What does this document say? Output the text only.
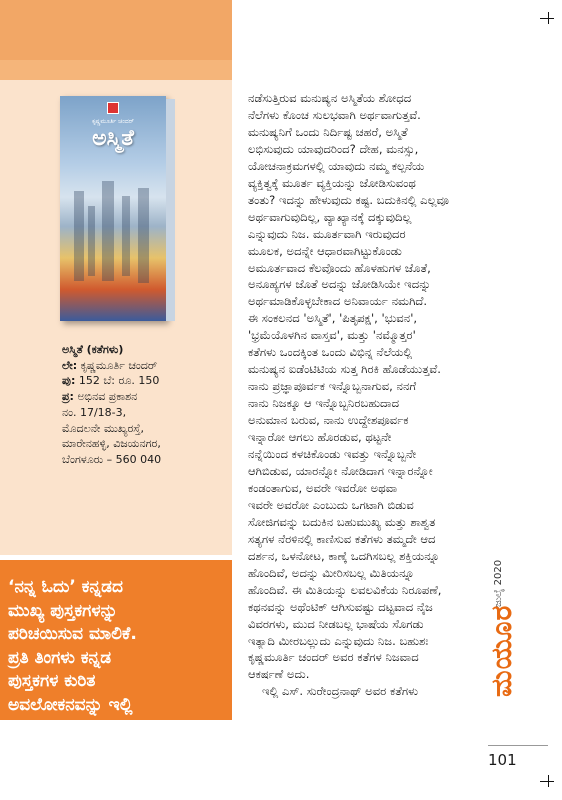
ಕೃಷ್ಣಮೂರ್ತಿ ಚಂದರ್
ಅಸ್ಮಿತೆ
ಅಸ್ಮಿತೆ (ಕತೆಗಳು)
ಲೇ: ಕೃಷ್ಣಮೂರ್ತಿ ಚಂದರ್
ಪು: 152 ಬೆ: ರೂ. 150
ಪ್ರ: ಅಭಿನವ ಪ್ರಕಾಶನ
ನಂ. 17/18-3,
ಮೊದಲನೇ ಮುಖ್ಯರಸ್ತೆ,
ಮಾರೇನಹಳ್ಳಿ, ವಿಜಯನಗರ,
ಬೆಂಗಳೂರು – 560 040
‘ನನ್ನ ಓದು’ ಕನ್ನಡದ
ಮುಖ್ಯ ಪುಸ್ತಕಗಳನ್ನು
ಪರಿಚಯಿಸುವ ಮಾಲಿಕೆ.
ಪ್ರತಿ ತಿಂಗಳು ಕನ್ನಡ
ಪುಸ್ತಕಗಳ ಕುರಿತ
ಅವಲೋಕನವನ್ನು ಇಲ್ಲಿ
ಕೊಡಲಾಗುತ್ತದೆ.
ನಡೆಸುತ್ತಿರುವ ಮನುಷ್ಯನ ಅಸ್ಮಿತೆಯ ಶೋಧದ
ನೆಲೆಗಳು ಕೊಂಚ ಸುಲಭವಾಗಿ ಅರ್ಥವಾಗುತ್ತವೆ.
ಮನುಷ್ಯನಿಗೆ ಒಂದು ನಿರ್ದಿಷ್ಟ ಚಹರೆ, ಅಸ್ಮಿತೆ
ಲಭಿಸುವುದು ಯಾವುದರಿಂದ? ದೇಹ, ಮನಸ್ಸು,
ಯೋಚನಾಕ್ರಮಗಳಲ್ಲಿ ಯಾವುದು ನಮ್ಮ ಕಲ್ಪನೆಯ
ವ್ಯಕ್ತಿತ್ವಕ್ಕೆ ಮೂರ್ತ ವ್ಯಕ್ತಿಯನ್ನು ಜೋಡಿಸುವಂಥ
ತಂತು? ಇದನ್ನು ಹೇಳುವುದು ಕಷ್ಟ. ಬದುಕಿನಲ್ಲಿ ಎಲ್ಲವೂ
ಅರ್ಥವಾಗುವುದಿಲ್ಲ, ವ್ಯಾಖ್ಯಾನಕ್ಕೆ ದಕ್ಕುವುದಿಲ್ಲ
ಎನ್ನುವುದು ನಿಜ. ಮೂರ್ತವಾಗಿ ಇರುವುದರ
ಮೂಲಕ, ಅದನ್ನೇ ಆಧಾರವಾಗಿಟ್ಟುಕೊಂಡು
ಅಮೂರ್ತವಾದ ಕೆಲವೊಂದು ಹೊಳಹುಗಳ ಜೊತೆ,
ಅನೂಹ್ಯಗಳ ಜೊತೆ ಅದನ್ನು ಜೋಡಿಸಿಯೇ ಇದನ್ನು
ಅರ್ಥಮಾಡಿಕೊಳ್ಳಬೇಕಾದ ಅನಿವಾರ್ಯ ನಮಗಿದೆ.
ಈ ಸಂಕಲನದ 'ಅಸ್ಮಿತೆ', 'ಪಿತೃಪಕ್ಷ', 'ಭುವನ',
'ಭ್ರಮೆಯೊಳಗಿನ ವಾಸ್ತವ', ಮತ್ತು 'ನಮ್ಮೊತ್ತರ'
ಕತೆಗಳು ಒಂದಕ್ಕಿಂತ ಒಂದು ವಿಭಿನ್ನ ನೆಲೆಯಲ್ಲಿ
ಮನುಷ್ಯನ ಐಡೆಂಟಿಟಿಯ ಸುತ್ತ ಗಿರಕಿ ಹೊಡೆಯುತ್ತವೆ.
ನಾನು ಪ್ರಜ್ಞಾಪೂರ್ವಕ ಇನ್ನೊಬ್ಬನಾಗುವ, ನನಗೆ
ನಾನು ನಿಜಕ್ಕೂ ಆ ಇನ್ನೊಬ್ಬನಿರಬಹುದಾದ
ಅನುಮಾನ ಬರುವ, ನಾನು ಉದ್ದೇಶಪೂರ್ವಕ
ಇನ್ನಾರೋ ಆಗಲು ಹೊರಡುವ, ಥಟ್ಟನೇ
ನನ್ನೆಯಿಂದ ಕಳಚಿಕೊಂಡು ಇವತ್ತು ಇನ್ನೊಬ್ಬನೇ
ಆಗಿಬಿಡುವ, ಯಾರನ್ನೋ ನೋಡಿದಾಗ ಇನ್ನಾರನ್ನೋ
ಕಂಡಂತಾಗುವ, ಅವರೇ ಇವರೋ ಅಥವಾ
ಇವರೇ ಅವರೋ ಎಂಬುದು ಒಗಟಾಗಿ ಬಿಡುವ
ಸೋಜಿಗವನ್ನು ಬದುಕಿನ ಬಹುಮುಖ್ಯ ಮತ್ತು ಶಾಶ್ವತ
ಸತ್ಯಗಳ ನೆರಳಿನಲ್ಲಿ ಕಾಣಿಸುವ ಕತೆಗಳು ತಮ್ಮದೇ ಆದ
ದರ್ಶನ, ಒಳನೋಟ, ಕಾಣ್ಕೆ ಒದಗಿಸಬಲ್ಲ ಶಕ್ತಿಯನ್ನೂ
ಹೊಂದಿವೆ, ಅದನ್ನು ಮೀರಿಸಬಲ್ಲ ಮಿತಿಯನ್ನೂ
ಹೊಂದಿವೆ. ಈ ಮಿತಿಯನ್ನು ಲವಲವಿಕೆಯ ನಿರೂಪಣೆ,
ಕಥನವನ್ನು ಅಥೆಂಟಿಕ್ ಆಗಿಸುವಷ್ಟು ದಟ್ಟವಾದ ನೈಜ
ವಿವರಗಳು, ಮುದ ನೀಡಬಲ್ಲ ಭಾಷೆಯ ಸೊಗಡು
ಇತ್ಯಾದಿ ಮೀರಬಲ್ಲುದು ಎನ್ನುವುದು ನಿಜ. ಬಹುಶಃ
ಕೃಷ್ಣಮೂರ್ತಿ ಚಂದರ್ ಅವರ ಕತೆಗಳ ನಿಜವಾದ
ಆಕರ್ಷಣೆ ಅದು.
ಇಲ್ಲಿ ಎಸ್. ಸುರೇಂದ್ರನಾಥ್ ಅವರ ಕತೆಗಳು	ಮಯೂರ
ಜುಲೈ 2020
101
